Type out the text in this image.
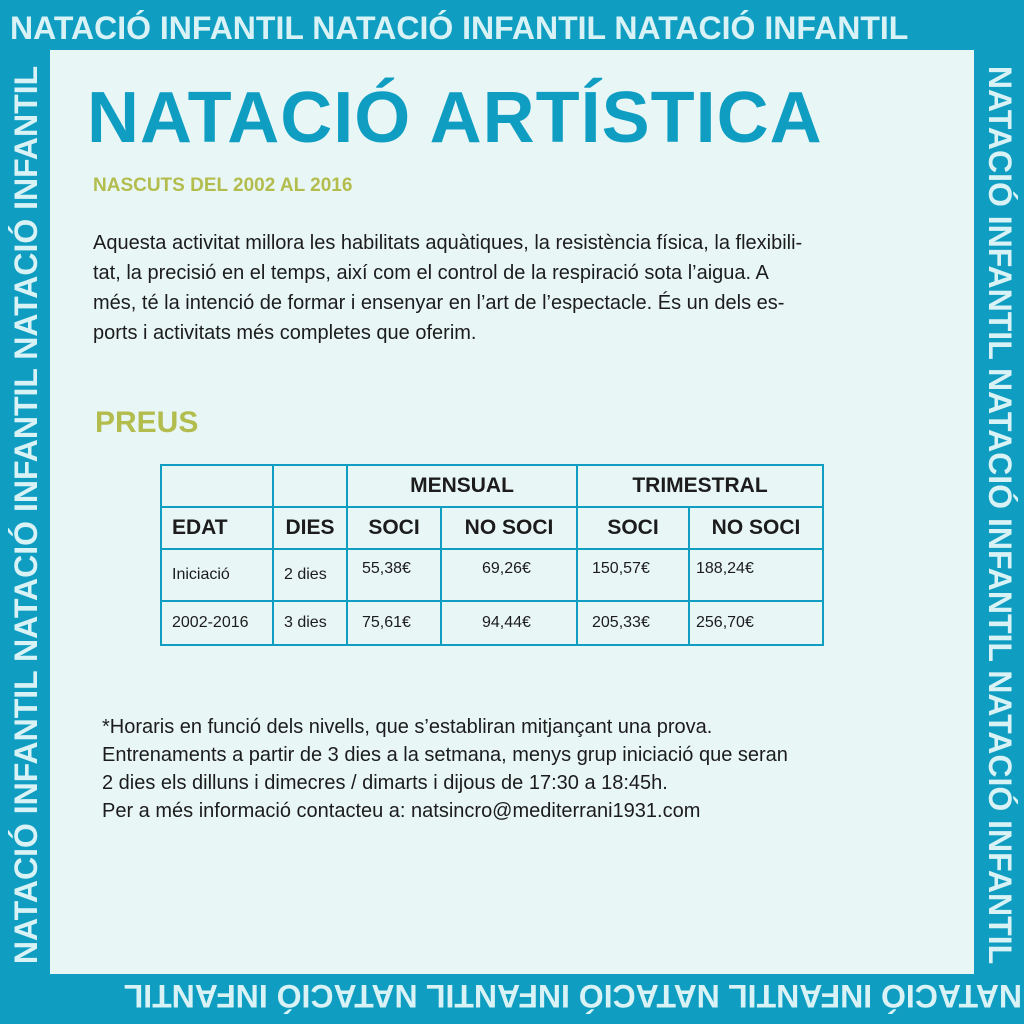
NATACIÓ INFANTIL NATACIÓ INFANTIL NATACIÓ INFANTIL
NATACIÓ INFANTIL NATACIÓ INFANTIL NATACIÓ INFANTIL
NATACIÓ INFANTIL NATACIÓ INFANTIL NATACIÓ INFANTIL	NATACIÓ INFANTIL NATACIÓ INFANTIL NATACIÓ INFANTIL
NATACIÓ ARTÍSTICA
NASCUTS DEL 2002 AL 2016
Aquesta activitat millora les habilitats aquàtiques, la resistència física, la flexibili-
tat, la precisió en el temps, així com el control de la respiració sota l’aigua. A
més, té la intenció de formar i ensenyar en l’art de l’espectacle. És un dels es-
ports i activitats més completes que oferim.
PREUS
		MENSUAL		TRIMESTRAL	
EDAT	DIES	SOCI	NO SOCI	SOCI	NO SOCI
Iniciació	2 dies	55,38€	69,26€	150,57€	188,24€
2002-2016	3 dies	75,61€	94,44€	205,33€	256,70€
*Horaris en funció dels nivells, que s’establiran mitjançant una prova.
Entrenaments a partir de 3 dies a la setmana, menys grup iniciació que seran
2 dies els dilluns i dimecres / dimarts i dijous de 17:30 a 18:45h.
Per a més informació contacteu a: natsincro@mediterrani1931.com
